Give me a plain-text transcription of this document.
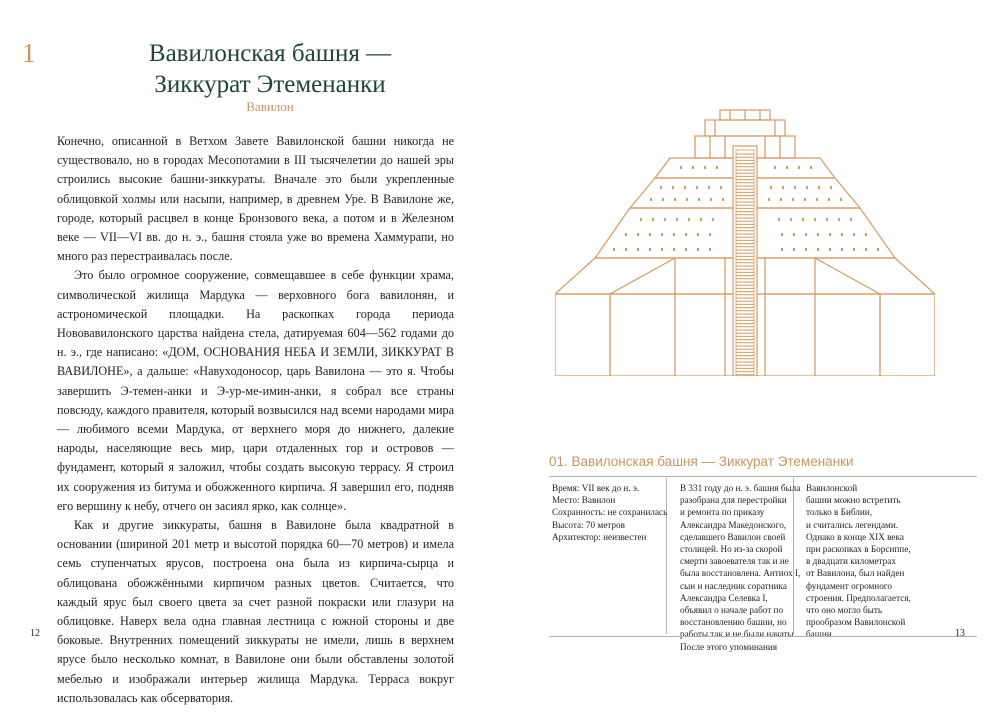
1	Вавилонская башня —
Зиккурат Этеменанки
Вавилон

Конечно, описанной в Ветхом Завете Вавилонской башни никогда не существовало, но в городах Месопотамии в III тысячелетии до нашей эры строились высокие башни-зиккураты. Вначале это были укрепленные облицовкой холмы или насыпи, например, в древнем Уре. В Вавилоне же, городе, который расцвел в конце Бронзового века, а потом и в Железном веке — VII—VI вв. до н. э., башня стояла уже во времена Хаммурапи, но много раз перестраивалась после.

Это было огромное сооружение, совмещавшее в себе функции храма, символической жилища Мардука — верховного бога вавилонян, и астрономической площадки. На раскопках города периода Нововавилонского царства найдена стела, датируемая 604—562 годами до н. э., где написано: «ДОМ, ОСНОВАНИЯ НЕБА И ЗЕМЛИ, ЗИККУРАТ В ВАВИЛОНЕ», а дальше: «Навуходоносор, царь Вавилона — это я. Чтобы завершить Э-темен-анки и Э-ур-ме-имин-анки, я собрал все страны повсюду, каждого правителя, который возвысился над всеми народами мира — любимого всеми Мардука, от верхнего моря до нижнего, далекие народы, населяющие весь мир, цари отдаленных гор и островов — фундамент, который я заложил, чтобы создать высокую террасу. Я строил их сооружения из битума и обожженного кирпича. Я завершил его, подняв его вершину к небу, отчего он засиял ярко, как солнце».

Как и другие зиккураты, башня в Вавилоне была квадратной в основании (шириной 201 метр и высотой порядка 60—70 метров) и имела семь ступенчатых ярусов, построена она была из кирпича-сырца и облицована обожжёнными кирпичом разных цветов. Считается, что каждый ярус был своего цвета за счет разной покраски или глазури на облицовке. Наверх вела одна главная лестница с южной стороны и две боковые. Внутренних помещений зиккураты не имели, лишь в верхнем ярусе было несколько комнат, в Вавилоне они были обставлены золотой мебелью и изображали интерьер жилища Мардука. Терраса вокруг использовалась как обсерватория.

01. Вавилонская башня — Зиккурат Этеменанки
Время: VII век до н. э.
Место: Вавилон
Сохранность: не сохранилась
Высота: 70 метров
Архитектор: неизвестен
В 331 году до н. э. башня была
разобрана для перестройки
и ремонта по приказу
Александра Македонского,
сделавшего Вавилон своей
столицей. Но из-за скорой
смерти завоевателя так и не
была восстановлена. Антиох I,
сын и наследник соратника
Александра Селевка I,
объявил о начале работ по
восстановлению башни, но
работы так и не были начаты.
После этого упоминания
Вавилонской
башни можно встретить
только в Библии,
и считались легендами.
Однако в конце XIX века
при раскопках в Борсиппе,
в двадцати километрах
от Вавилона, был найден
фундамент огромного
строения. Предполагается,
что оно могло быть
прообразом Вавилонской
башни.
12	13
